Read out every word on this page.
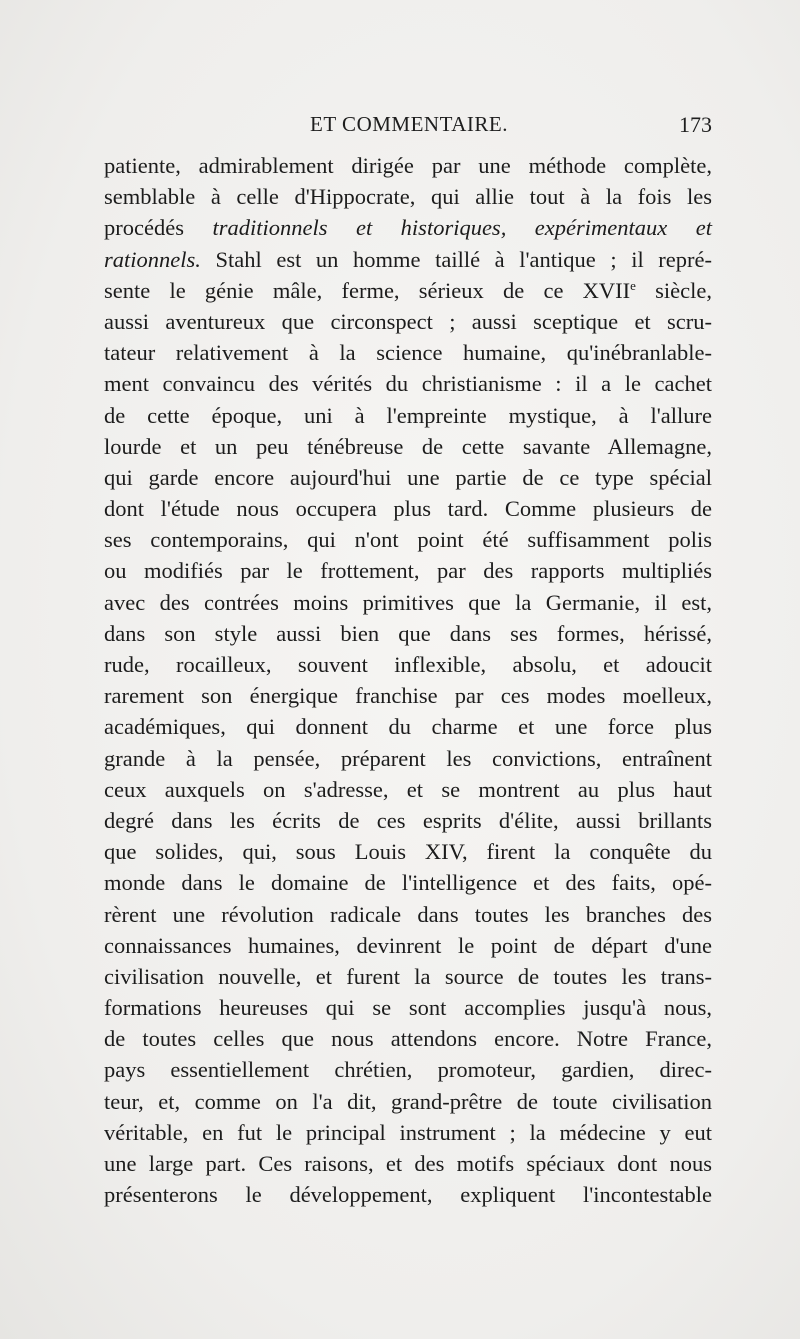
ET COMMENTAIRE.	173
patiente, admirablement dirigée par une méthode complète,
semblable à celle d'Hippocrate, qui allie tout à la fois les
procédés traditionnels et historiques, expérimentaux et
rationnels. Stahl est un homme taillé à l'antique ; il repré-
sente le génie mâle, ferme, sérieux de ce XVIIe siècle,
aussi aventureux que circonspect ; aussi sceptique et scru-
tateur relativement à la science humaine, qu'inébranlable-
ment convaincu des vérités du christianisme : il a le cachet
de cette époque, uni à l'empreinte mystique, à l'allure
lourde et un peu ténébreuse de cette savante Allemagne,
qui garde encore aujourd'hui une partie de ce type spécial
dont l'étude nous occupera plus tard. Comme plusieurs de
ses contemporains, qui n'ont point été suffisamment polis
ou modifiés par le frottement, par des rapports multipliés
avec des contrées moins primitives que la Germanie, il est,
dans son style aussi bien que dans ses formes, hérissé,
rude, rocailleux, souvent inflexible, absolu, et adoucit
rarement son énergique franchise par ces modes moelleux,
académiques, qui donnent du charme et une force plus
grande à la pensée, préparent les convictions, entraînent
ceux auxquels on s'adresse, et se montrent au plus haut
degré dans les écrits de ces esprits d'élite, aussi brillants
que solides, qui, sous Louis XIV, firent la conquête du
monde dans le domaine de l'intelligence et des faits, opé-
rèrent une révolution radicale dans toutes les branches des
connaissances humaines, devinrent le point de départ d'une
civilisation nouvelle, et furent la source de toutes les trans-
formations heureuses qui se sont accomplies jusqu'à nous,
de toutes celles que nous attendons encore. Notre France,
pays essentiellement chrétien, promoteur, gardien, direc-
teur, et, comme on l'a dit, grand-prêtre de toute civilisation
véritable, en fut le principal instrument ; la médecine y eut
une large part. Ces raisons, et des motifs spéciaux dont nous
présenterons le développement, expliquent l'incontestable
